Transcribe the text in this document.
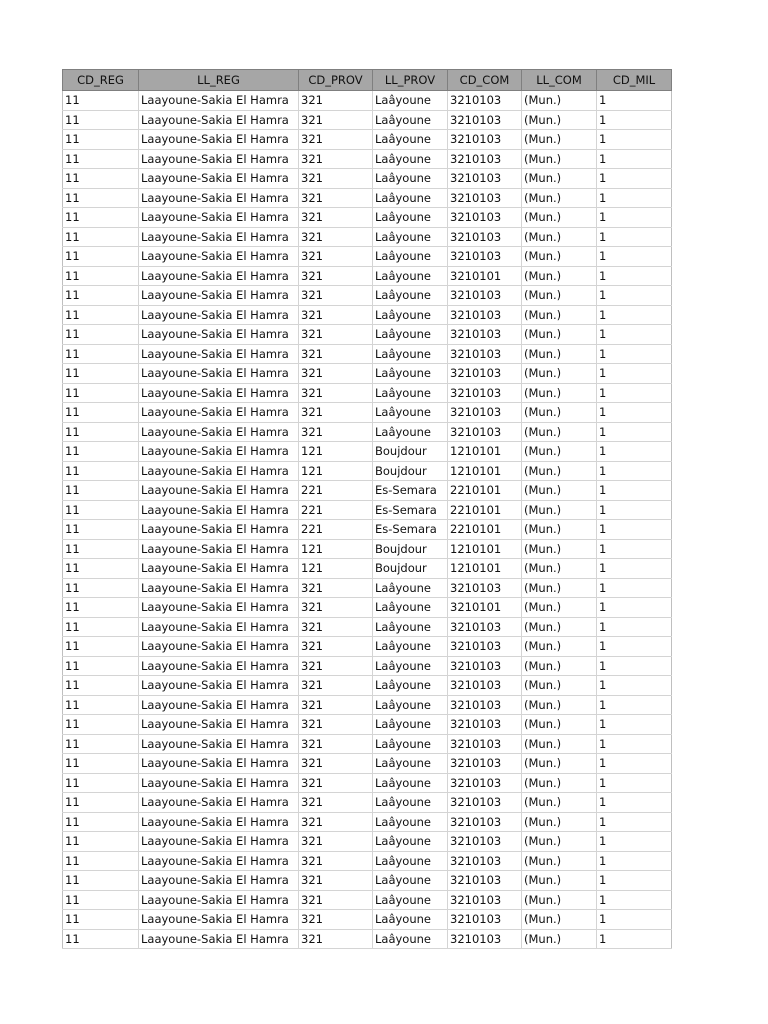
CD_REG	LL_REG	CD_PROV	LL_PROV	CD_COM	LL_COM	CD_MIL
11	Laayoune-Sakia El Hamra	321	Laâyoune	3210103	(Mun.)	1
11	Laayoune-Sakia El Hamra	321	Laâyoune	3210103	(Mun.)	1
11	Laayoune-Sakia El Hamra	321	Laâyoune	3210103	(Mun.)	1
11	Laayoune-Sakia El Hamra	321	Laâyoune	3210103	(Mun.)	1
11	Laayoune-Sakia El Hamra	321	Laâyoune	3210103	(Mun.)	1
11	Laayoune-Sakia El Hamra	321	Laâyoune	3210103	(Mun.)	1
11	Laayoune-Sakia El Hamra	321	Laâyoune	3210103	(Mun.)	1
11	Laayoune-Sakia El Hamra	321	Laâyoune	3210103	(Mun.)	1
11	Laayoune-Sakia El Hamra	321	Laâyoune	3210103	(Mun.)	1
11	Laayoune-Sakia El Hamra	321	Laâyoune	3210101	(Mun.)	1
11	Laayoune-Sakia El Hamra	321	Laâyoune	3210103	(Mun.)	1
11	Laayoune-Sakia El Hamra	321	Laâyoune	3210103	(Mun.)	1
11	Laayoune-Sakia El Hamra	321	Laâyoune	3210103	(Mun.)	1
11	Laayoune-Sakia El Hamra	321	Laâyoune	3210103	(Mun.)	1
11	Laayoune-Sakia El Hamra	321	Laâyoune	3210103	(Mun.)	1
11	Laayoune-Sakia El Hamra	321	Laâyoune	3210103	(Mun.)	1
11	Laayoune-Sakia El Hamra	321	Laâyoune	3210103	(Mun.)	1
11	Laayoune-Sakia El Hamra	321	Laâyoune	3210103	(Mun.)	1
11	Laayoune-Sakia El Hamra	121	Boujdour	1210101	(Mun.)	1
11	Laayoune-Sakia El Hamra	121	Boujdour	1210101	(Mun.)	1
11	Laayoune-Sakia El Hamra	221	Es-Semara	2210101	(Mun.)	1
11	Laayoune-Sakia El Hamra	221	Es-Semara	2210101	(Mun.)	1
11	Laayoune-Sakia El Hamra	221	Es-Semara	2210101	(Mun.)	1
11	Laayoune-Sakia El Hamra	121	Boujdour	1210101	(Mun.)	1
11	Laayoune-Sakia El Hamra	121	Boujdour	1210101	(Mun.)	1
11	Laayoune-Sakia El Hamra	321	Laâyoune	3210103	(Mun.)	1
11	Laayoune-Sakia El Hamra	321	Laâyoune	3210101	(Mun.)	1
11	Laayoune-Sakia El Hamra	321	Laâyoune	3210103	(Mun.)	1
11	Laayoune-Sakia El Hamra	321	Laâyoune	3210103	(Mun.)	1
11	Laayoune-Sakia El Hamra	321	Laâyoune	3210103	(Mun.)	1
11	Laayoune-Sakia El Hamra	321	Laâyoune	3210103	(Mun.)	1
11	Laayoune-Sakia El Hamra	321	Laâyoune	3210103	(Mun.)	1
11	Laayoune-Sakia El Hamra	321	Laâyoune	3210103	(Mun.)	1
11	Laayoune-Sakia El Hamra	321	Laâyoune	3210103	(Mun.)	1
11	Laayoune-Sakia El Hamra	321	Laâyoune	3210103	(Mun.)	1
11	Laayoune-Sakia El Hamra	321	Laâyoune	3210103	(Mun.)	1
11	Laayoune-Sakia El Hamra	321	Laâyoune	3210103	(Mun.)	1
11	Laayoune-Sakia El Hamra	321	Laâyoune	3210103	(Mun.)	1
11	Laayoune-Sakia El Hamra	321	Laâyoune	3210103	(Mun.)	1
11	Laayoune-Sakia El Hamra	321	Laâyoune	3210103	(Mun.)	1
11	Laayoune-Sakia El Hamra	321	Laâyoune	3210103	(Mun.)	1
11	Laayoune-Sakia El Hamra	321	Laâyoune	3210103	(Mun.)	1
11	Laayoune-Sakia El Hamra	321	Laâyoune	3210103	(Mun.)	1
11	Laayoune-Sakia El Hamra	321	Laâyoune	3210103	(Mun.)	1
